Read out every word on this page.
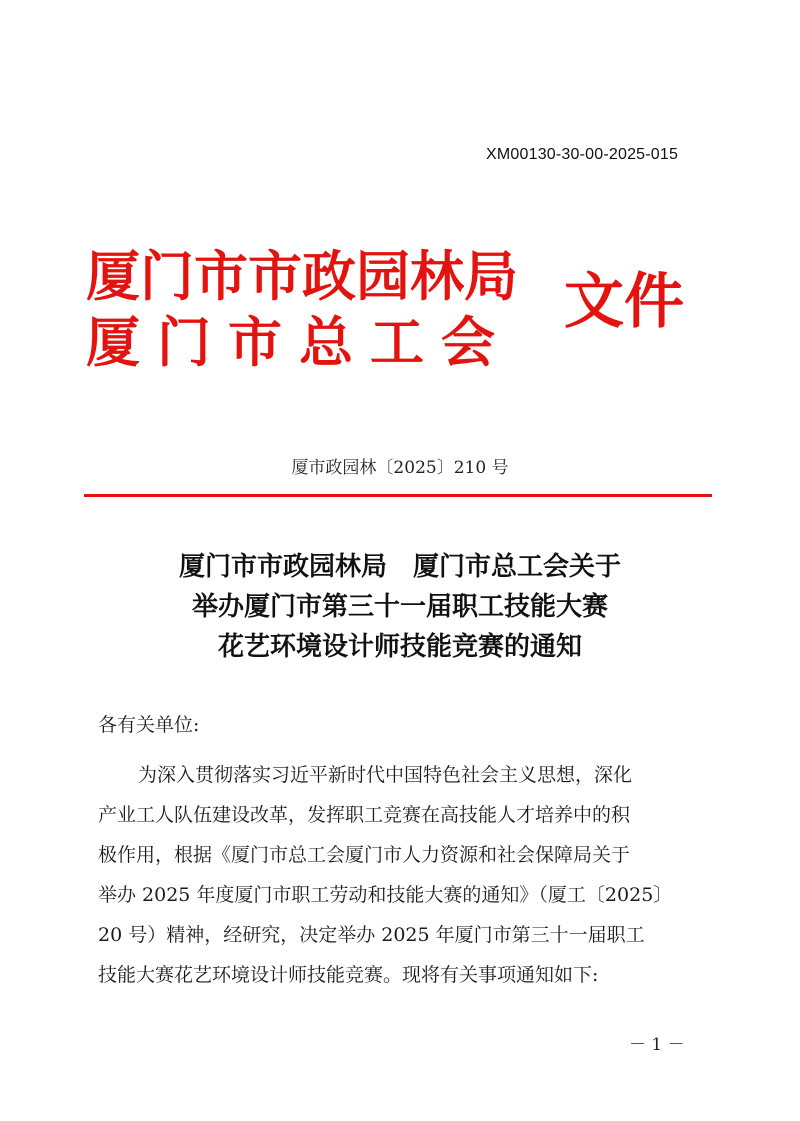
XM00130-30-00-2025-015
厦门市市政园林局
厦门市总工会
文件
厦市政园林〔2025〕210 号
厦门市市政园林局　厦门市总工会关于
举办厦门市第三十一届职工技能大赛
花艺环境设计师技能竞赛的通知
各有关单位:
为深入贯彻落实习近平新时代中国特色社会主义思想，深化
产业工人队伍建设改革，发挥职工竞赛在高技能人才培养中的积
极作用，根据《厦门市总工会厦门市人力资源和社会保障局关于
举办 2025 年度厦门市职工劳动和技能大赛的通知》（厦工〔2025〕
20 号）精神，经研究，决定举办 2025 年厦门市第三十一届职工
技能大赛花艺环境设计师技能竞赛。现将有关事项通知如下:
－ 1 －
